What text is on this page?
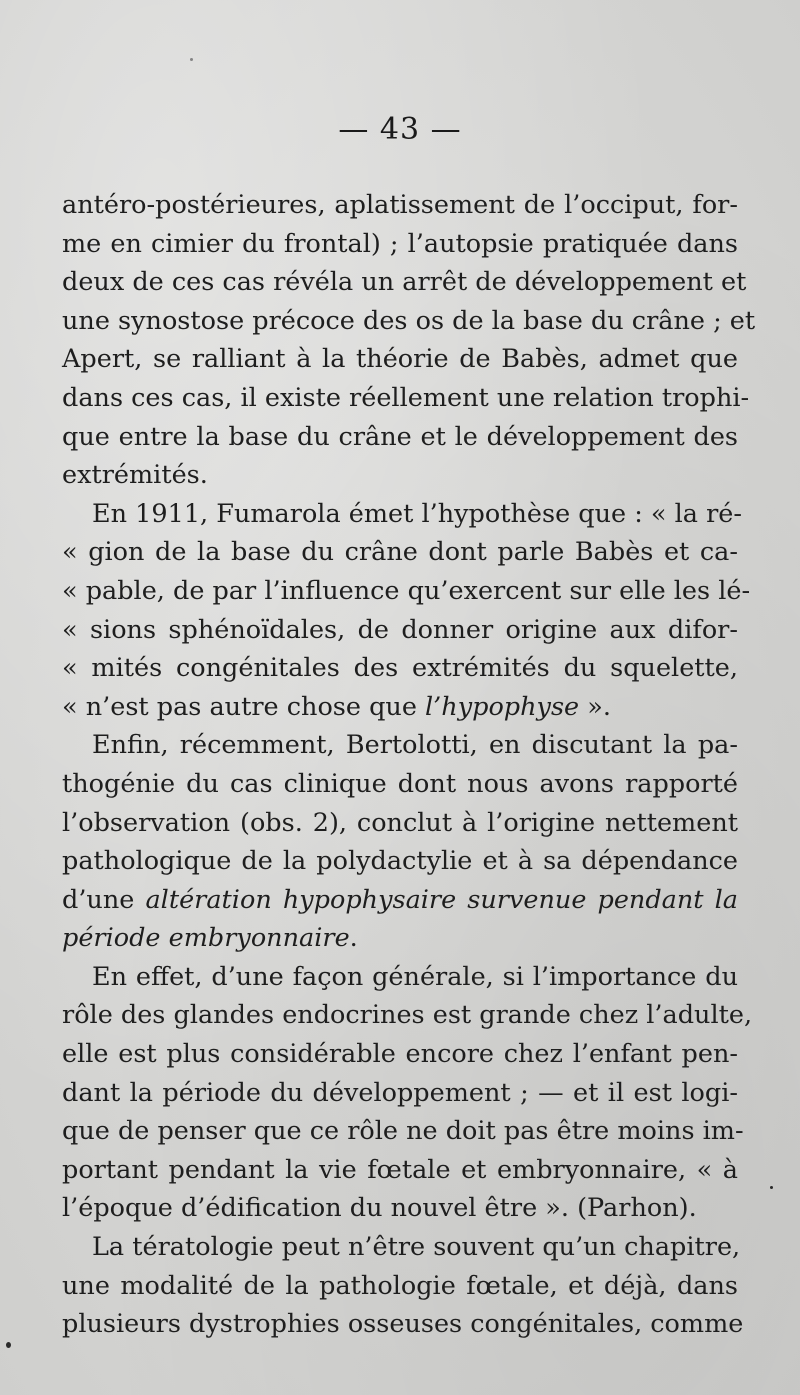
— 43 —
antéro-postérieures, aplatissement de l’occiput, for-
me en cimier du frontal) ; l’autopsie pratiquée dans
deux de ces cas révéla un arrêt de développement et
une synostose précoce des os de la base du crâne ; et
Apert, se ralliant à la théorie de Babès, admet que
dans ces cas, il existe réellement une relation trophi-
que entre la base du crâne et le développement des
extrémités.
En 1911, Fumarola émet l’hypothèse que : « la ré-
« gion de la base du crâne dont parle Babès et ca-
« pable, de par l’influence qu’exercent sur elle les lé-
« sions sphénoïdales, de donner origine aux difor-
« mités congénitales des extrémités du squelette,
« n’est pas autre chose que l’hypophyse ».
Enfin, récemment, Bertolotti, en discutant la pa-
thogénie du cas clinique dont nous avons rapporté
l’observation (obs. 2), conclut à l’origine nettement
pathologique de la polydactylie et à sa dépendance
d’une altération hypophysaire survenue pendant la
période embryonnaire.
En effet, d’une façon générale, si l’importance du
rôle des glandes endocrines est grande chez l’adulte,
elle est plus considérable encore chez l’enfant pen-
dant la période du développement ; — et il est logi-
que de penser que ce rôle ne doit pas être moins im-
portant pendant la vie fœtale et embryonnaire, « à
l’époque d’édification du nouvel être ». (Parhon).
La tératologie peut n’être souvent qu’un chapitre,
une modalité de la pathologie fœtale, et déjà, dans
plusieurs dystrophies osseuses congénitales, comme
